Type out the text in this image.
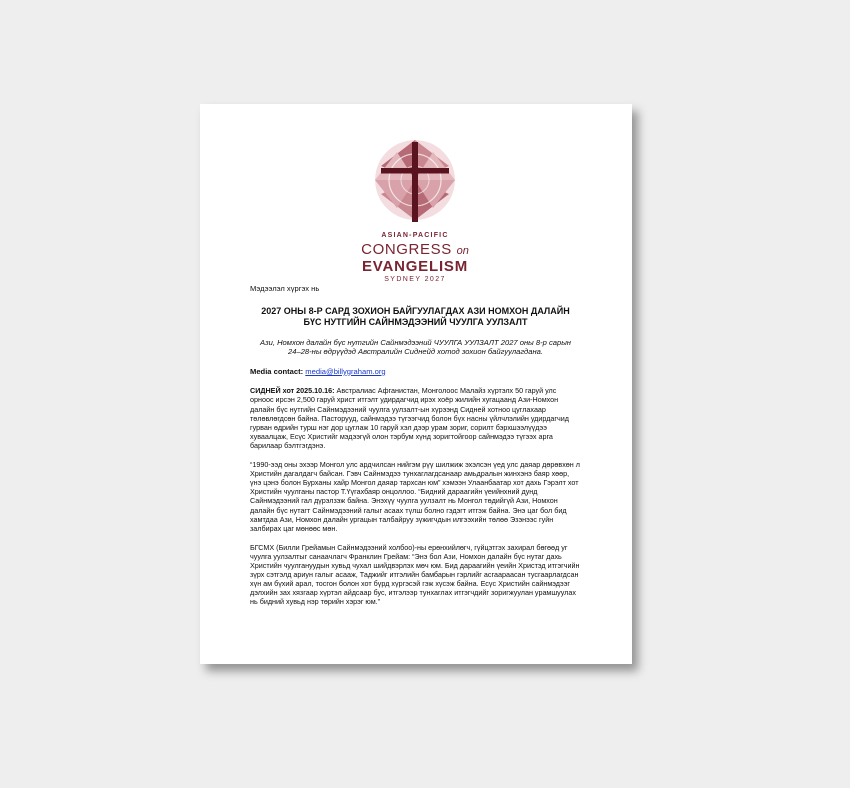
ASIAN-PACIFIC
CONGRESS on
EVANGELISM
SYDNEY 2027
Мэдээлэл хүргэх нь
2027 ОНЫ 8-Р САРД ЗОХИОН БАЙГУУЛАГДАХ АЗИ НОМХОН ДАЛАЙН БҮС НУТГИЙН САЙНМЭДЭЭНИЙ ЧУУЛГА УУЛЗАЛТ
Ази, Номхон далайн бүс нутгийн Сайнмэдээний ЧУУЛГА УУЛЗАЛТ 2027 оны 8-р сарын 24–28-ны өдрүүдэд Австралийн Сиднейд хотод зохион байгуулагдана.
Media contact: media@billygraham.org
СИДНЕЙ хот 2025.10.16: Австралиас Афганистан, Монголоос Малайз хүртэлх 50 гаруй улс орноос ирсэн 2,500 гаруй христ итгэлт удирдагчид ирэх хоёр жилийн хугацаанд Ази-Номхон далайн бүс нутгийн Сайнмэдээний чуулга уулзалт-ын хүрээнд Сидней хотноо цуглахаар төлөвлөгдсөн байна. Пасторууд, сайнмэдээ түгээгчид болон бүх насны үйлчлэлийн удирдагчид гурван өдрийн турш нэг дор цуглаж 10 гаруй хэл дээр урам зориг, сорилт бэрхшээлүүдээ хуваалцаж, Есүс Христийг мэдээгүй олон тэрбум хүнд зоригтойгоор сайнмэдээ түгээх арга барилаар бэлтгэгдэнэ.
“1990-ээд оны эхээр Монгол улс ардчилсан нийгэм рүү шилжиж эхэлсэн үед улс даяар дөрөвхөн л Христийн дагалдагч байсан. Гэвч Сайнмэдээ тунхаглагдсанаар амьдралын жинхэнэ баяр хөөр, үнэ цэнэ болон Бурханы хайр Монгол даяар тархсан юм” хэмээн Улаанбаатар хот дахь Гэрэлт хот Христийн чуулганы пастор Т.Үүгахбаяр онцоллоо. “Бидний дараагийн үеийнхний дунд Сайнмэдээний гал дүрэлзэж байна. Энэхүү чуулга уулзалт нь Монгол төдийгүй Ази, Номхон далайн бүс нутагт Сайнмэдээний галыг асаах түлш болно гэдэгт итгэж байна. Энэ цаг бол бид хамтдаа Ази, Номхон далайн ургацын талбайруу зүжигчдын илгээхийн төлөө Эзэнээс гуйн залбирах цаг мөнөөс мөн.
БГСМХ (Билли Грейамын Сайнмэдээний холбоо)-ны ерөнхийлөгч, гүйцэтгэх захирал бөгөөд уг чуулга уулзалтыг санаачлагч Франклин Грейам: “Энэ бол Ази, Номхон далайн бүс нутаг дахь Христийн чуулгануудын хувьд чухал шийдвэрлэх мөч юм. Бид дараагийн үеийн Христэд итгэгчийн зүрх сэтгэлд ариун галыг асааж, Таджийг итгэлийн бамбарын гэрлийг асгаараасан тусгаарлагдсан хүн ам бүхий арал, тосгон болон хот бүрд хүргэсэй гэж хүсэж байна. Есүс Христийн сайнмэдээг дэлхийн зах хязгаар хүртэл айдсаар бус, итгэлээр тунхаглах итгэгчдийг зоригжуулан урамшуулах нь бидний хувьд нэр төрийн хэрэг юм.”
